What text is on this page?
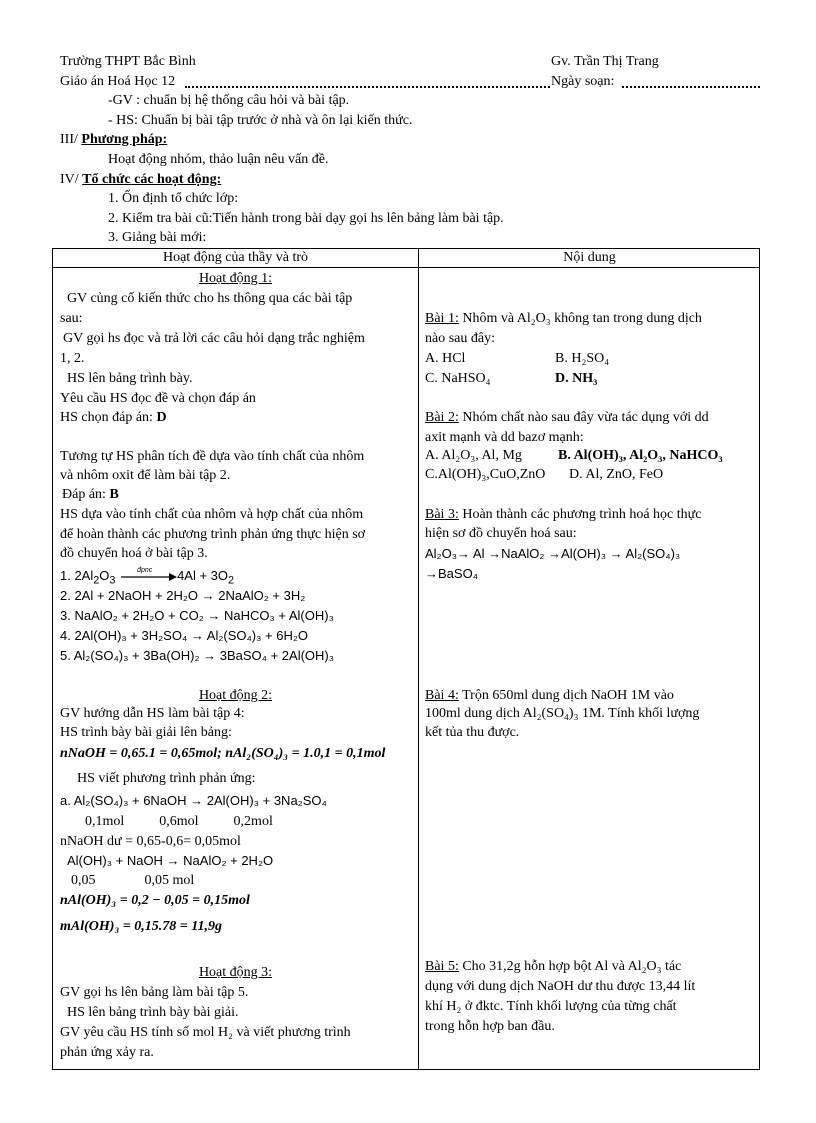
Trường THPT Bắc Bình	Gv. Trần Thị Trang
Giáo án Hoá Học 12	Ngày soạn:
-GV : chuẩn bị hệ thống câu hỏi và bài tập.
- HS: Chuẩn bị bài tập trước ở nhà và ôn lại kiến thức.
III/ Phương pháp:
Hoạt động nhóm, thảo luận nêu vấn đề.
IV/ Tổ chức các hoạt động:
1. Ổn định tổ chức lớp:
2. Kiểm tra bài cũ:Tiến hành trong bài dạy gọi hs lên bảng làm bài tập.
3. Giảng bài mới:
Hoạt động của thầy và trò	Nội dung
Hoạt động 1:
GV củng cố kiến thức cho hs thông qua các bài tập
sau:
GV gọi hs đọc và trả lời các câu hỏi dạng trắc nghiệm
1, 2.
HS lên bảng trình bày.
Yêu cầu HS đọc đề và chọn đáp án
HS chọn đáp án: D
Tương tự HS phân tích đề dựa vào tính chất của nhôm
và nhôm oxit để làm bài tập 2.
Đáp án: B
HS dựa vào tính chất của nhôm và hợp chất của nhôm
để hoàn thành các phương trình phản ứng thực hiện sơ
đồ chuyển hoá ở bài tập 3.
1. $2Al_2O_3$
đpnc $4Al + 3O_2$
2. 2Al + 2NaOH + 2H₂O → 2NaAlO₂ + 3H₂
3. NaAlO₂ + 2H₂O + CO₂ → NaHCO₃ + Al(OH)₃
4. 2Al(OH)₃ + 3H₂SO₄ → Al₂(SO₄)₃ + 6H₂O
5. Al₂(SO₄)₃ + 3Ba(OH)₂ → 3BaSO₄ + 2Al(OH)₃
Hoạt động 2:
GV hướng dẫn HS làm bài tập 4:
HS trình bày bài giải lên bảng:
nNaOH = 0,65.1 = 0,65mol; nAl₂(SO₄)₃ = 1.0,1 = 0,1mol
HS viết phương trình phản ứng:
a. Al₂(SO₄)₃ + 6NaOH → 2Al(OH)₃ + 3Na₂SO₄
0,1mol          0,6mol          0,2mol
nNaOH dư = 0,65-0,6= 0,05mol
Al(OH)₃ + NaOH → NaAlO₂ + 2H₂O
0,05              0,05 mol
nAl(OH)₃ = 0,2 − 0,05 = 0,15mol
mAl(OH)₃ = 0,15.78 = 11,9g
Hoạt động 3:
GV gọi hs lên bảng làm bài tập 5.
HS lên bảng trình bày bài giải.
GV yêu cầu HS tính số mol H₂ và viết phương trình
phản ứng xảy ra.
Bài 1: Nhôm và Al₂O₃ không tan trong dung dịch
nào sau đây:
A. HCl	B. H₂SO₄
C. NaHSO₄	D. NH₃
Bài 2: Nhóm chất nào sau đây vừa tác dụng với dd
axit mạnh và dd bazơ mạnh:
A. Al₂O₃, Al, Mg	B. Al(OH)₃, Al₂O₃, NaHCO₃
C.Al(OH)₃,CuO,ZnO D. Al, ZnO, FeO
Bài 3: Hoàn thành các phương trình hoá học thực
hiện sơ đồ chuyển hoá sau:
Al₂O₃→ Al →NaAlO₂ →Al(OH)₃ → Al₂(SO₄)₃
→BaSO₄
Bài 4: Trộn 650ml dung dịch NaOH 1M vào
100ml dung dịch Al₂(SO₄)₃ 1M. Tính khối lượng
kết tủa thu được.
Bài 5: Cho 31,2g hỗn hợp bột Al và Al₂O₃ tác
dụng với dung dịch NaOH dư thu được 13,44 lít
khí H₂ ở đktc. Tính khối lượng của từng chất
trong hỗn hợp ban đầu.
